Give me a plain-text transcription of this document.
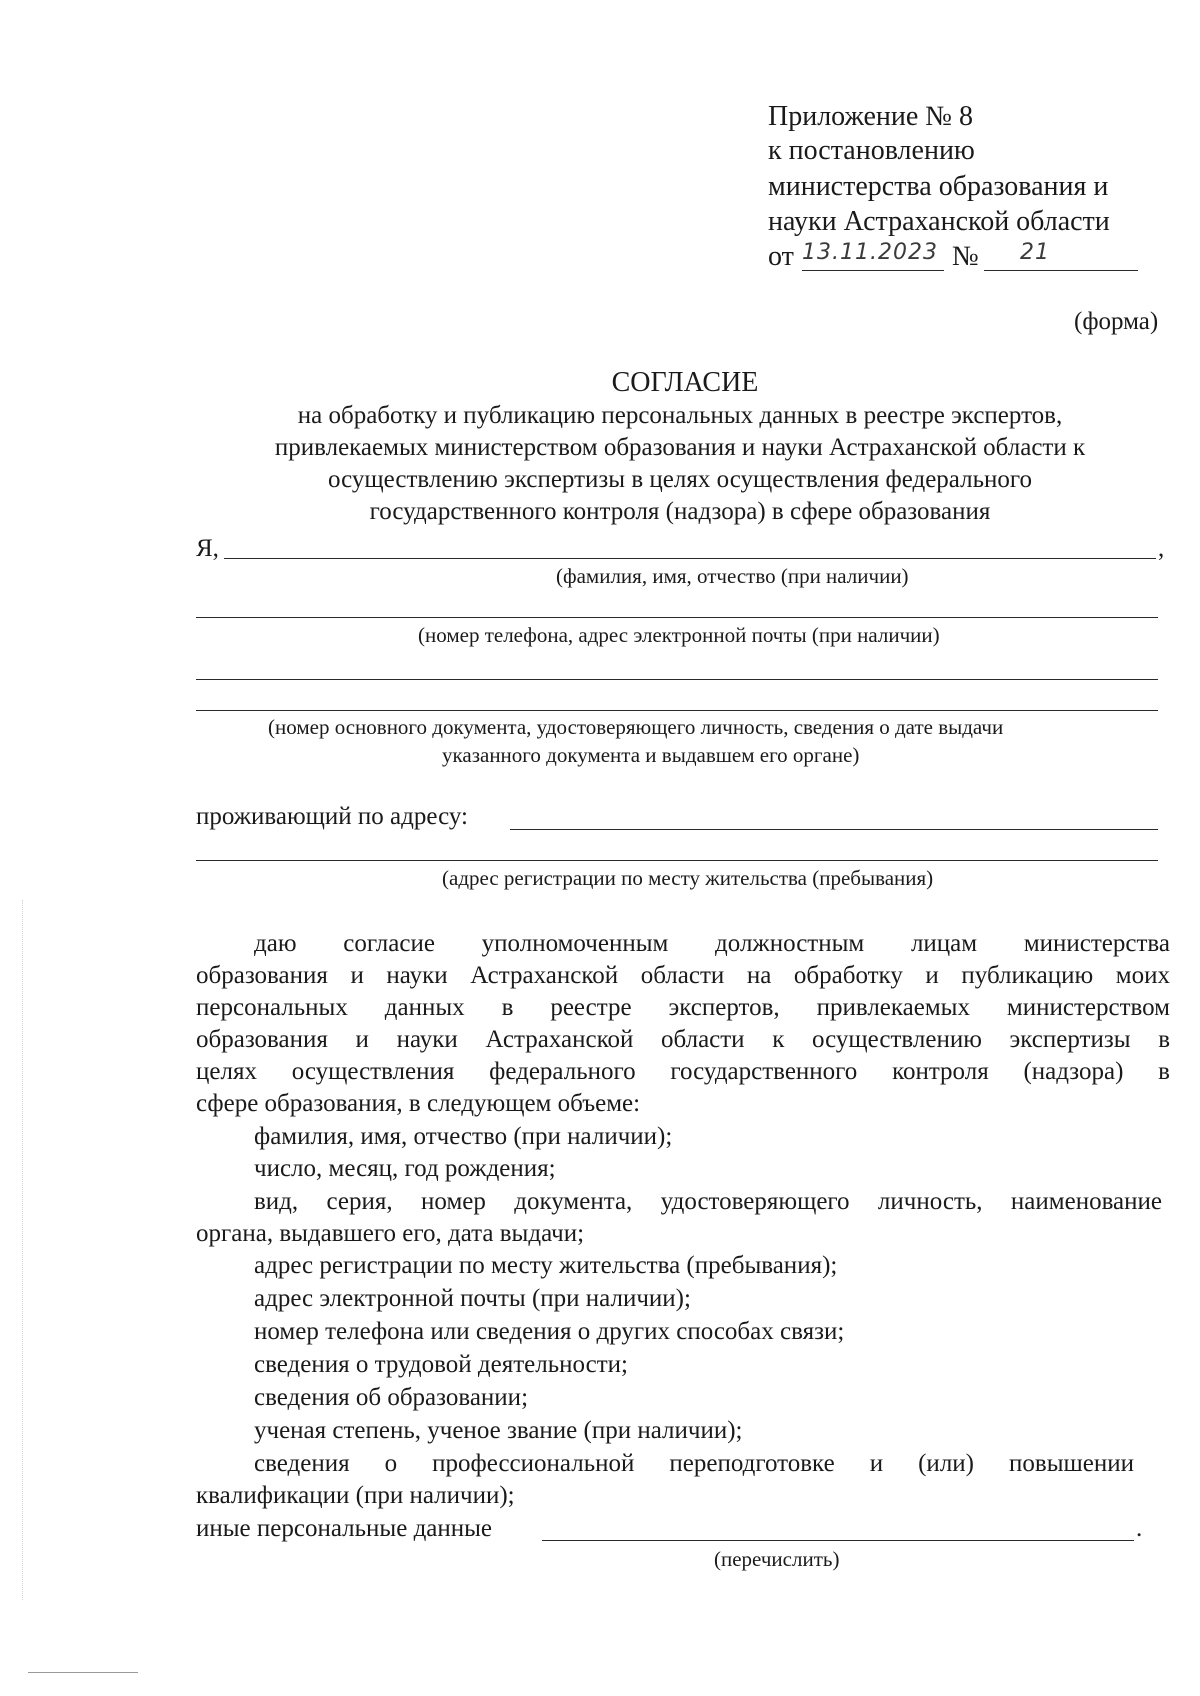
Приложение № 8
к постановлению
министерства образования и
науки Астраханской области
от 13.11.2023 № 21
(форма)
СОГЛАСИЕ
на обработку и публикацию персональных данных в реестре экспертов,
привлекаемых министерством образования и науки Астраханской области к
осуществлению экспертизы в целях осуществления федерального
государственного контроля (надзора) в сфере образования
Я,	,
(фамилия, имя, отчество (при наличии)
(номер телефона, адрес электронной почты (при наличии)
(номер основного документа, удостоверяющего личность, сведения о дате выдачи
указанного документа и выдавшем его органе)
проживающий по адресу:
(адрес регистрации по месту жительства (пребывания)
даю согласие уполномоченным должностным лицам министерства
образования и науки Астраханской области на обработку и публикацию моих
персональных данных в реестре экспертов, привлекаемых министерством
образования и науки Астраханской области к осуществлению экспертизы в
целях осуществления федерального государственного контроля (надзора) в
сфере образования, в следующем объеме:
фамилия, имя, отчество (при наличии);
число, месяц, год рождения;
вид, серия, номер документа, удостоверяющего личность, наименование
органа, выдавшего его, дата выдачи;
адрес регистрации по месту жительства (пребывания);
адрес электронной почты (при наличии);
номер телефона или сведения о других способах связи;
сведения о трудовой деятельности;
сведения об образовании;
ученая степень, ученое звание (при наличии);
сведения о профессиональной переподготовке и (или) повышении
квалификации (при наличии);
иные персональные данные	.
(перечислить)
